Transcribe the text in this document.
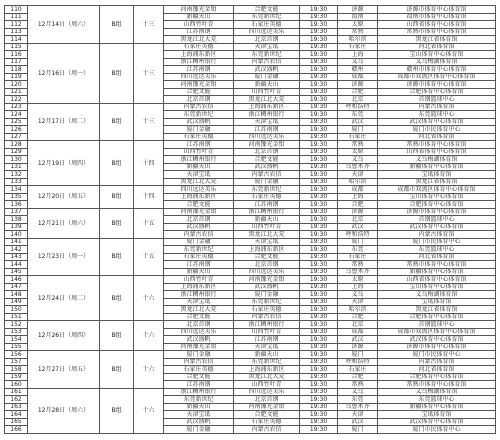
12月14日（周六）	B组	十三
110	河南豫光金钼	合肥文能	19:30	济源	济源市体育中心体育馆
111	新疆天山	东莞新世纪	19:30	渭南	渭南市体育中心体育馆
112	山西竹叶青	石家庄英德	19:30	太原	山西省体育中心体育馆
113	江苏南钢	四川远达美乐	19:30	常熟	常熟市体育中心体育馆
114	黑龙江北大荒	北京首钢	19:30	哈尔滨	黑龙江省体育馆
12月16日（周一）	B组	十三
115	石家庄英德	天津宝坻	19:30	石家庄	河北省体育馆
116	上海浦东新区	东莞新世纪	19:30	上海	宝山体育中心体育馆
117	浙江稠州银行	内蒙古农信	19:30	义乌	义乌梅湖体育馆
118	江苏南钢	武汉盛帆	19:30	赣州	赣州市体育中心体育馆
119	四川远达美乐	厦门金融	19:30	成都	成都市双流区体育中心体育馆
120	河南豫光金钼	新疆天山	19:30	济源	济源市体育中心体育馆
121	合肥文能	山西竹叶青	19:30	合肥	合肥体育中心体育馆
122	北京首钢	黑龙江北大荒	19:30	北京	首钢篮球中心
12月17日（周二）	B组	十三
123	内蒙古农信	上海浦东新区	19:30	呼和浩特	内蒙古体育馆
124	东莞新世纪	浙江稠州银行	19:30	东莞	东莞篮球中心
125	武汉盛帆	天津宝坻	19:30	武汉	武汉体育中心体育馆
126	厦门金融	江苏南钢	19:30	厦门	厦门市民体育中心
127	石家庄英德	四川远达美乐	19:30	石家庄	河北省体育馆
12月19日（周四）	B组	十四
128	江苏南钢	河南豫光金钼	19:30	常熟	常熟市体育中心体育馆
129	山西竹叶青	北京首钢	19:30	太原	山西省体育中心体育馆
130	浙江稠州银行	合肥文能	19:30	义乌	义乌梅湖体育馆
131	新疆天山	武汉盛帆	19:30	乌鲁木齐	新疆体育中心体育馆
132	天津宝坻	内蒙古农信	19:30	天津	宝坻体育馆
133	黑龙江北大荒	厦门金融	19:30	哈尔滨	黑龙江省体育馆
12月20日（周五）	B组	十四
134	四川远达美乐	东莞新世纪	19:30	成都	成都市双流区体育中心体育馆
135	上海浦东新区	石家庄英德	19:30	上海	宝山体育中心体育馆
136	合肥文能	江苏南钢	19:30	合肥	合肥体育中心体育馆
12月21日（周六）	B组	十五
137	河南豫光金钼	浙江稠州银行	19:30	济源	济源市体育中心体育馆
138	北京首钢	新疆天山	19:30	北京	首钢篮球中心
139	武汉盛帆	山西竹叶青	19:30	武汉	武汉体育中心体育馆
140	内蒙古农信	黑龙江北大荒	19:30	呼和浩特	内蒙古体育馆
12月23日（周一）	B组	十五
141	厦门金融	天津宝坻	19:30	厦门	厦门市民体育中心
142	东莞新世纪	上海浦东新区	19:30	东莞	东莞篮球中心
143	石家庄英德	合肥文能	19:30	石家庄	河北省体育馆
144	江苏南钢	北京首钢	19:30	常熟	常熟市体育中心体育馆
145	新疆天山	四川远达美乐	19:30	乌鲁木齐	新疆体育中心体育馆
12月24日（周二）	B组	十六
146	山西竹叶青	河南豫光金钼	19:30	太原	山西省体育中心体育馆
147	上海浦东新区	武汉盛帆	19:30	上海	宝山体育中心体育馆
148	浙江稠州银行	厦门金融	19:30	义乌	义乌梅湖体育馆
149	天津宝坻	东莞新世纪	19:30	天津	宝坻体育馆
150	黑龙江北大荒	石家庄英德	19:30	哈尔滨	黑龙江省体育馆
151	合肥文能	内蒙古农信	19:30	合肥	合肥体育中心体育馆
12月26日（周四）	B组	十六
152	北京首钢	浙江稠州银行	19:30	北京	首钢篮球中心
153	四川远达美乐	山西竹叶青	19:30	成都	成都市双流区体育中心体育馆
154	武汉盛帆	江苏南钢	19:30	武汉	武汉体育中心体育馆
155	河南豫光金钼	天津宝坻	19:30	济源	济源市体育中心体育馆
12月27日（周五）	B组	十六
156	厦门金融	新疆天山	19:30	厦门	厦门市民体育中心
157	内蒙古农信	东莞新世纪	19:30	呼和浩特	内蒙古体育馆
158	石家庄英德	上海浦东新区	19:30	石家庄	河北省体育馆
159	合肥文能	黑龙江北大荒	19:30	合肥	合肥体育中心体育馆
160	江苏南钢	山西竹叶青	19:30	常熟	常熟市体育中心体育馆
12月28日（周六）	B组	十六
161	浙江稠州银行	四川远达美乐	19:30	义乌	义乌梅湖体育馆
162	东莞新世纪	北京首钢	19:30	东莞	东莞篮球中心
163	新疆天山	河南豫光金钼	19:30	乌鲁木齐	新疆体育中心体育馆
164	天津宝坻	合肥文能	19:30	天津	宝坻体育馆
165	武汉盛帆	石家庄英德	19:30	武汉	武汉体育中心体育馆
166	厦门金融	内蒙古农信	19:30	厦门	厦门市民体育中心
